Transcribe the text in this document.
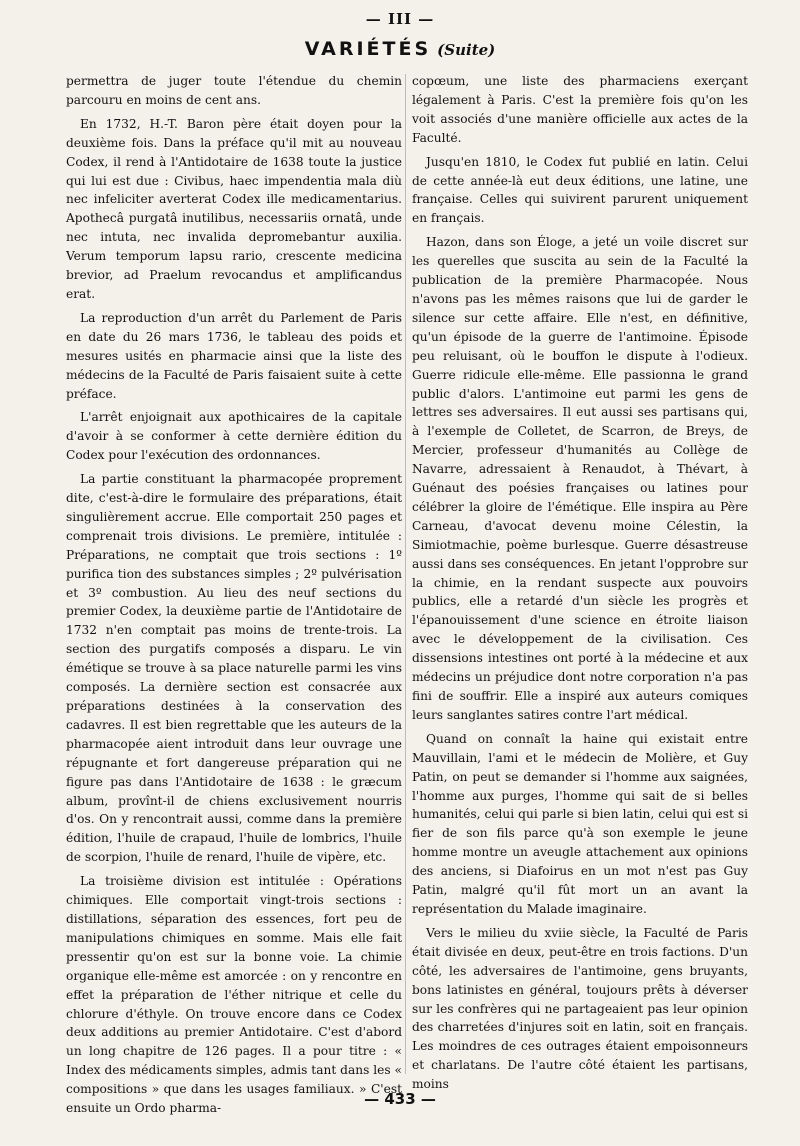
— III —
VARIÉTÉS (Suite)

permettra de juger toute l'étendue du chemin parcouru en moins de cent ans.

En 1732, H.-T. Baron père était doyen pour la deuxième fois. Dans la préface qu'il mit au nouveau Codex, il rend à l'Antidotaire de 1638 toute la justice qui lui est due : Civibus, haec impendentia mala diù nec infeliciter averterat Codex ille medicamentarius. Apothecâ purgatâ inutilibus, necessariis ornatâ, unde nec intuta, nec invalida depromebantur auxilia. Verum temporum lapsu rario, crescente medicina brevior, ad Praelum revocandus et amplificandus erat.

La reproduction d'un arrêt du Parlement de Paris en date du 26 mars 1736, le tableau des poids et mesures usités en pharmacie ainsi que la liste des médecins de la Faculté de Paris faisaient suite à cette préface.

L'arrêt enjoignait aux apothicaires de la capitale d'avoir à se conformer à cette dernière édition du Codex pour l'exécution des ordonnances.

La partie constituant la pharmacopée proprement dite, c'est-à-dire le formulaire des préparations, était singulièrement accrue. Elle comportait 250 pages et comprenait trois divisions. Le première, intitulée : Préparations, ne comptait que trois sections : 1º purifica tion des substances simples ; 2º pulvérisation et 3º combustion. Au lieu des neuf sections du premier Codex, la deuxième partie de l'Antidotaire de 1732 n'en comptait pas moins de trente-trois. La section des purgatifs composés a disparu. Le vin émétique se trouve à sa place naturelle parmi les vins composés. La dernière section est consacrée aux préparations destinées à la conservation des cadavres. Il est bien regrettable que les auteurs de la pharmacopée aient introduit dans leur ouvrage une répugnante et fort dangereuse préparation qui ne figure pas dans l'Antidotaire de 1638 : le græcum album, provînt-il de chiens exclusivement nourris d'os. On y rencontrait aussi, comme dans la première édition, l'huile de crapaud, l'huile de lombrics, l'huile de scorpion, l'huile de renard, l'huile de vipère, etc.

La troisième division est intitulée : Opérations chimiques. Elle comportait vingt-trois sections : distillations, séparation des essences, fort peu de manipulations chimiques en somme. Mais elle fait pressentir qu'on est sur la bonne voie. La chimie organique elle-même est amorcée : on y rencontre en effet la préparation de l'éther nitrique et celle du chlorure d'éthyle. On trouve encore dans ce Codex deux additions au premier Antidotaire. C'est d'abord un long chapitre de 126 pages. Il a pour titre : « Index des médicaments simples, admis tant dans les « compositions » que dans les usages familiaux. » C'est ensuite un Ordo pharma-

copœum, une liste des pharmaciens exerçant légalement à Paris. C'est la première fois qu'on les voit associés d'une manière officielle aux actes de la Faculté.

Jusqu'en 1810, le Codex fut publié en latin. Celui de cette année-là eut deux éditions, une latine, une française. Celles qui suivirent parurent uniquement en français.

Hazon, dans son Éloge, a jeté un voile discret sur les querelles que suscita au sein de la Faculté la publication de la première Pharmacopée. Nous n'avons pas les mêmes raisons que lui de garder le silence sur cette affaire. Elle n'est, en définitive, qu'un épisode de la guerre de l'antimoine. Épisode peu reluisant, où le bouffon le dispute à l'odieux. Guerre ridicule elle-même. Elle passionna le grand public d'alors. L'antimoine eut parmi les gens de lettres ses adversaires. Il eut aussi ses partisans qui, à l'exemple de Colletet, de Scarron, de Breys, de Mercier, professeur d'humanités au Collège de Navarre, adressaient à Renaudot, à Thévart, à Guénaut des poésies françaises ou latines pour célébrer la gloire de l'émétique. Elle inspira au Père Carneau, d'avocat devenu moine Célestin, la Simiotmachie, poème burlesque. Guerre désastreuse aussi dans ses conséquences. En jetant l'opprobre sur la chimie, en la rendant suspecte aux pouvoirs publics, elle a retardé d'un siècle les progrès et l'épanouissement d'une science en étroite liaison avec le développement de la civilisation. Ces dissensions intestines ont porté à la médecine et aux médecins un préjudice dont notre corporation n'a pas fini de souffrir. Elle a inspiré aux auteurs comiques leurs sanglantes satires contre l'art médical.

Quand on connaît la haine qui existait entre Mauvillain, l'ami et le médecin de Molière, et Guy Patin, on peut se demander si l'homme aux saignées, l'homme aux purges, l'homme qui sait de si belles humanités, celui qui parle si bien latin, celui qui est si fier de son fils parce qu'à son exemple le jeune homme montre un aveugle attachement aux opinions des anciens, si Diafoirus en un mot n'est pas Guy Patin, malgré qu'il fût mort un an avant la représentation du Malade imaginaire.

Vers le milieu du xviie siècle, la Faculté de Paris était divisée en deux, peut-être en trois factions. D'un côté, les adversaires de l'antimoine, gens bruyants, bons latinistes en général, toujours prêts à déverser sur les confrères qui ne partageaient pas leur opinion des charretées d'injures soit en latin, soit en français. Les moindres de ces outrages étaient empoisonneurs et charlatans. De l'autre côté étaient les partisans, moins

— 433 —
